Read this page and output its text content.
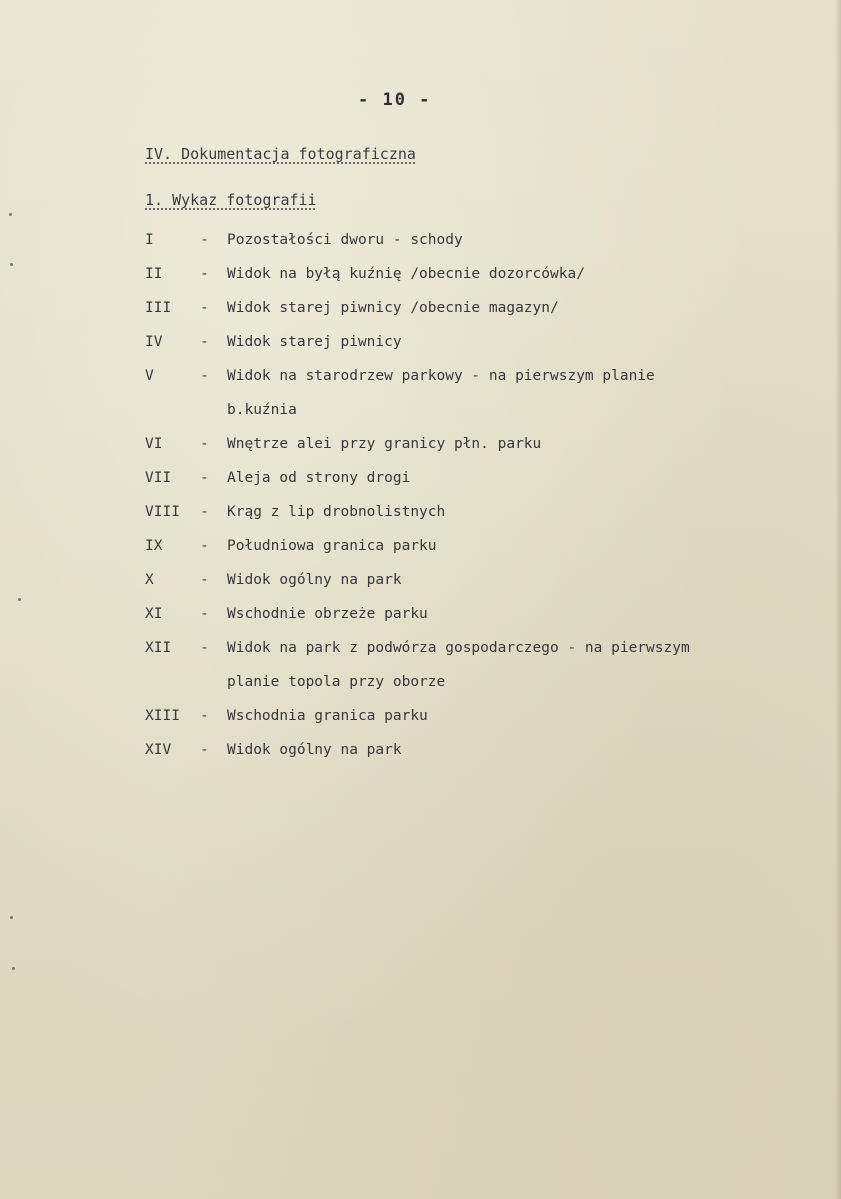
- 10 -
IV. Dokumentacja fotograficzna
1. Wykaz fotografii
I	-	Pozostałości dworu - schody
II	-	Widok na byłą kuźnię /obecnie dozorcówka/
III	-	Widok starej piwnicy /obecnie magazyn/
IV	-	Widok starej piwnicy
V	-	Widok na starodrzew parkowy - na pierwszym planie
b.kuźnia
VI	-	Wnętrze alei przy granicy płn. parku
VII	-	Aleja od strony drogi
VIII	-	Krąg z lip drobnolistnych
IX	-	Południowa granica parku
X	-	Widok ogólny na park
XI	-	Wschodnie obrzeże parku
XII	-	Widok na park z podwórza gospodarczego - na pierwszym
planie topola przy oborze
XIII	-	Wschodnia granica parku
XIV	-	Widok ogólny na park
